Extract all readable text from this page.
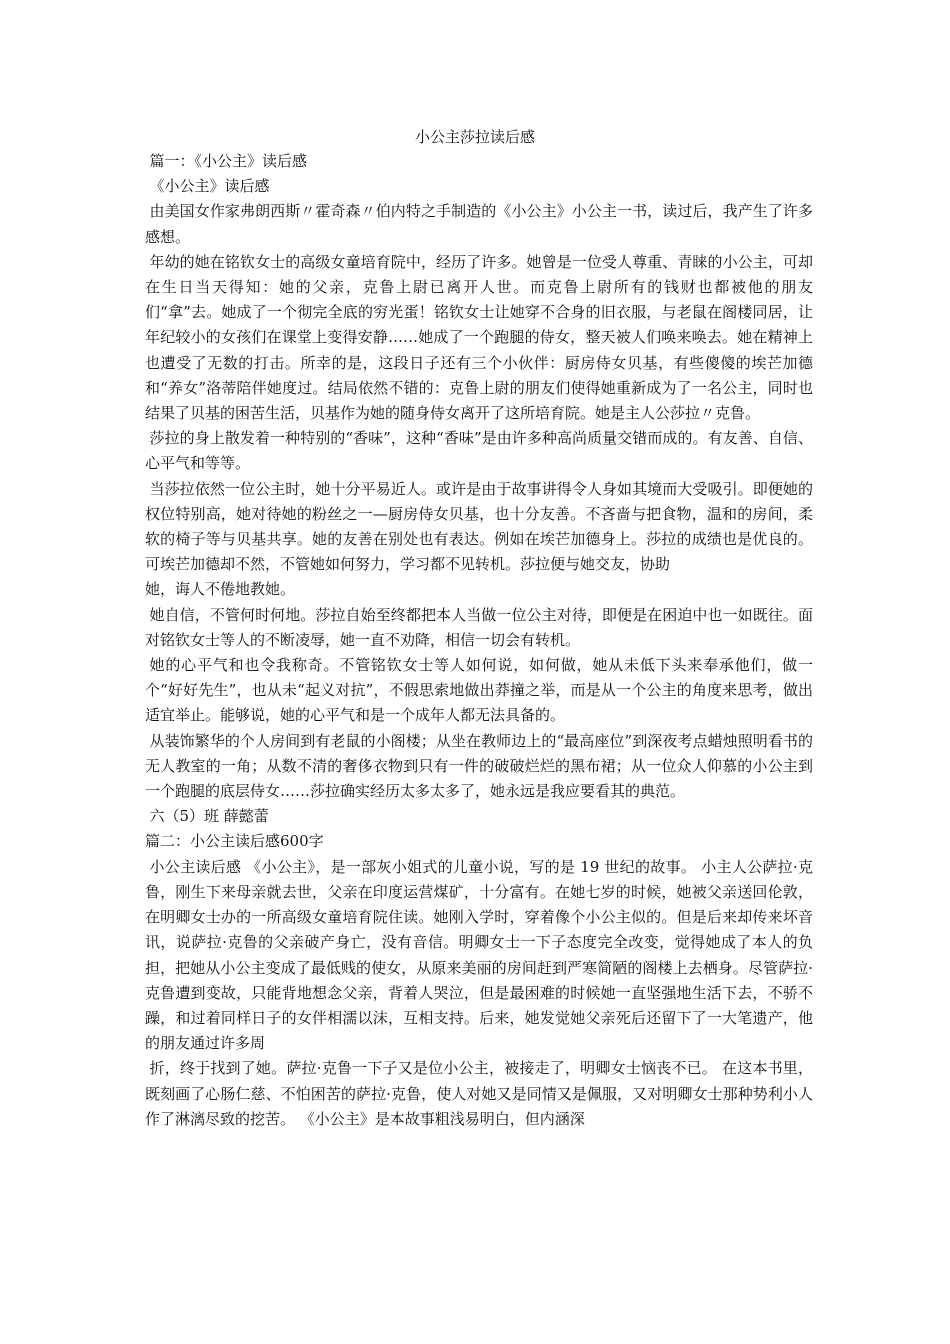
小公主莎拉读后感

篇一：《小公主》读后感

《小公主》读后感

由美国女作家弗朗西斯〃霍奇森〃伯内特之手制造的《小公主》小公主一书，读过后，我产生了许多感想。

年幼的她在铭钦女士的高级女童培育院中，经历了许多。她曾是一位受人尊重、青睐的小公主，可却在生日当天得知：她的父亲，克鲁上尉已离开人世。而克鲁上尉所有的钱财也都被他的朋友们“拿”去。她成了一个彻完全底的穷光蛋！铭钦女士让她穿不合身的旧衣服，与老鼠在阁楼同居，让年纪较小的女孩们在课堂上变得安静……她成了一个跑腿的侍女，整天被人们唤来唤去。她在精神上也遭受了无数的打击。所幸的是，这段日子还有三个小伙伴：厨房侍女贝基，有些傻傻的埃芒加德和“养女”洛蒂陪伴她度过。结局依然不错的：克鲁上尉的朋友们使得她重新成为了一名公主，同时也结果了贝基的困苦生活，贝基作为她的随身侍女离开了这所培育院。她是主人公莎拉〃克鲁。

莎拉的身上散发着一种特别的“香味”，这种“香味”是由许多种高尚质量交错而成的。有友善、自信、心平气和等等。

当莎拉依然一位公主时，她十分平易近人。或许是由于故事讲得令人身如其境而大受吸引。即便她的权位特别高，她对待她的粉丝之一—厨房侍女贝基，也十分友善。不吝啬与把食物，温和的房间，柔软的椅子等与贝基共享。她的友善在别处也有表达。例如在埃芒加德身上。莎拉的成绩也是优良的。可埃芒加德却不然，不管她如何努力，学习都不见转机。莎拉便与她交友，协助

她，诲人不倦地教她。

她自信，不管何时何地。莎拉自始至终都把本人当做一位公主对待，即便是在困迫中也一如既往。面对铭钦女士等人的不断凌辱，她一直不劝降，相信一切会有转机。

她的心平气和也令我称奇。不管铭钦女士等人如何说，如何做，她从未低下头来奉承他们，做一个“好好先生”，也从未“起义对抗”，不假思索地做出莽撞之举，而是从一个公主的角度来思考，做出适宜举止。能够说，她的心平气和是一个成年人都无法具备的。

从装饰繁华的个人房间到有老鼠的小阁楼；从坐在教师边上的“最高座位”到深夜考点蜡烛照明看书的无人教室的一角；从数不清的奢侈衣物到只有一件的破破烂烂的黑布裙；从一位众人仰慕的小公主到一个跑腿的底层侍女……莎拉确实经历太多太多了，她永远是我应要看其的典范。

六（5）班 薛懿蕾

篇二：小公主读后感600字

小公主读后感 《小公主》，是一部灰小姐式的儿童小说，写的是 19 世纪的故事。 小主人公萨拉·克鲁，刚生下来母亲就去世，父亲在印度运营煤矿，十分富有。在她七岁的时候，她被父亲送回伦敦，在明卿女士办的一所高级女童培育院住读。她刚入学时，穿着像个小公主似的。但是后来却传来坏音讯，说萨拉·克鲁的父亲破产身亡，没有音信。明卿女士一下子态度完全改变，觉得她成了本人的负担，把她从小公主变成了最低贱的使女，从原来美丽的房间赶到严寒简陋的阁楼上去栖身。尽管萨拉·克鲁遭到变故，只能背地想念父亲，背着人哭泣，但是最困难的时候她一直坚强地生活下去，不骄不躁，和过着同样日子的女伴相濡以沫，互相支持。后来，她发觉她父亲死后还留下了一大笔遗产，他的朋友通过许多周

折，终于找到了她。萨拉·克鲁一下子又是位小公主，被接走了，明卿女士恼丧不已。 在这本书里，既刻画了心肠仁慈、不怕困苦的萨拉·克鲁，使人对她又是同情又是佩服，又对明卿女士那种势利小人作了淋漓尽致的挖苦。 《小公主》是本故事粗浅易明白，但内涵深
